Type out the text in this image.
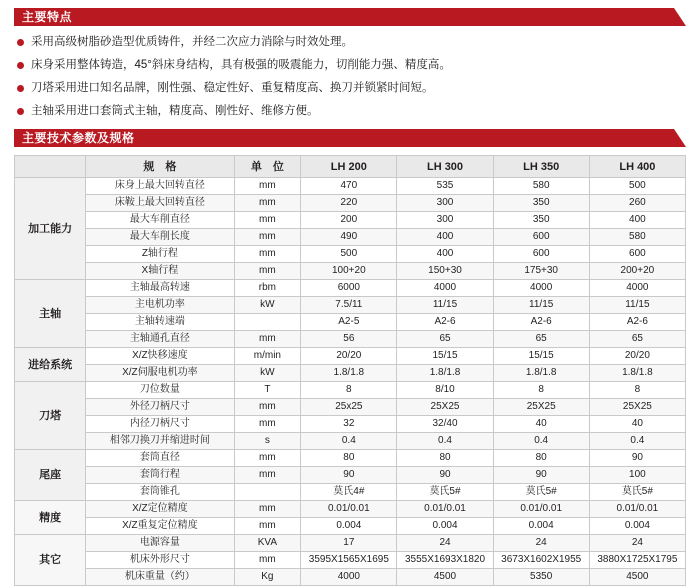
主要特点
采用高级树脂砂造型优质铸件，并经二次应力消除与时效处理。
床身采用整体铸造，45°斜床身结构，具有极强的吸震能力，切削能力强、精度高。
刀塔采用进口知名品牌，刚性强、稳定性好、重复精度高、换刀并锁紧时间短。
主轴采用进口套筒式主轴，精度高、刚性好、维修方便。
主要技术参数及规格
	规　格	单　位	LH 200	LH 300	LH 350	LH 400
加工能力	床身上最大回转直径	mm	470	535	580	500
	床鞍上最大回转直径	mm	220	300	350	260
	最大车削直径	mm	200	300	350	400
	最大车削长度	mm	490	400	600	580
	Z轴行程	mm	500	400	600	600
	X轴行程	mm	100+20	150+30	175+30	200+20
主轴	主轴最高转速	rbm	6000	4000	4000	4000
	主电机功率	kW	7.5/11	11/15	11/15	11/15
	主轴转速端		A2-5	A2-6	A2-6	A2-6
	主轴通孔直径	mm	56	65	65	65
进给系统	X/Z快移速度	m/min	20/20	15/15	15/15	20/20
	X/Z伺服电机功率	kW	1.8/1.8	1.8/1.8	1.8/1.8	1.8/1.8
刀塔	刀位数量	T	8	8/10	8	8
	外径刀柄尺寸	mm	25x25	25X25	25X25	25X25
	内径刀柄尺寸	mm	32	32/40	40	40
	相邻刀换刀并缩进时间	s	0.4	0.4	0.4	0.4
尾座	套筒直径	mm	80	80	80	90
	套筒行程	mm	90	90	90	100
	套筒锥孔		莫氏4#	莫氏5#	莫氏5#	莫氏5#
精度	X/Z定位精度	mm	0.01/0.01	0.01/0.01	0.01/0.01	0.01/0.01
	X/Z重复定位精度	mm	0.004	0.004	0.004	0.004
其它	电源容量	KVA	17	24	24	24
	机床外形尺寸	mm	3595X1565X1695	3555X1693X1820	3673X1602X1955	3880X1725X1795
	机床重量（约）	Kg	4000	4500	5350	4500
